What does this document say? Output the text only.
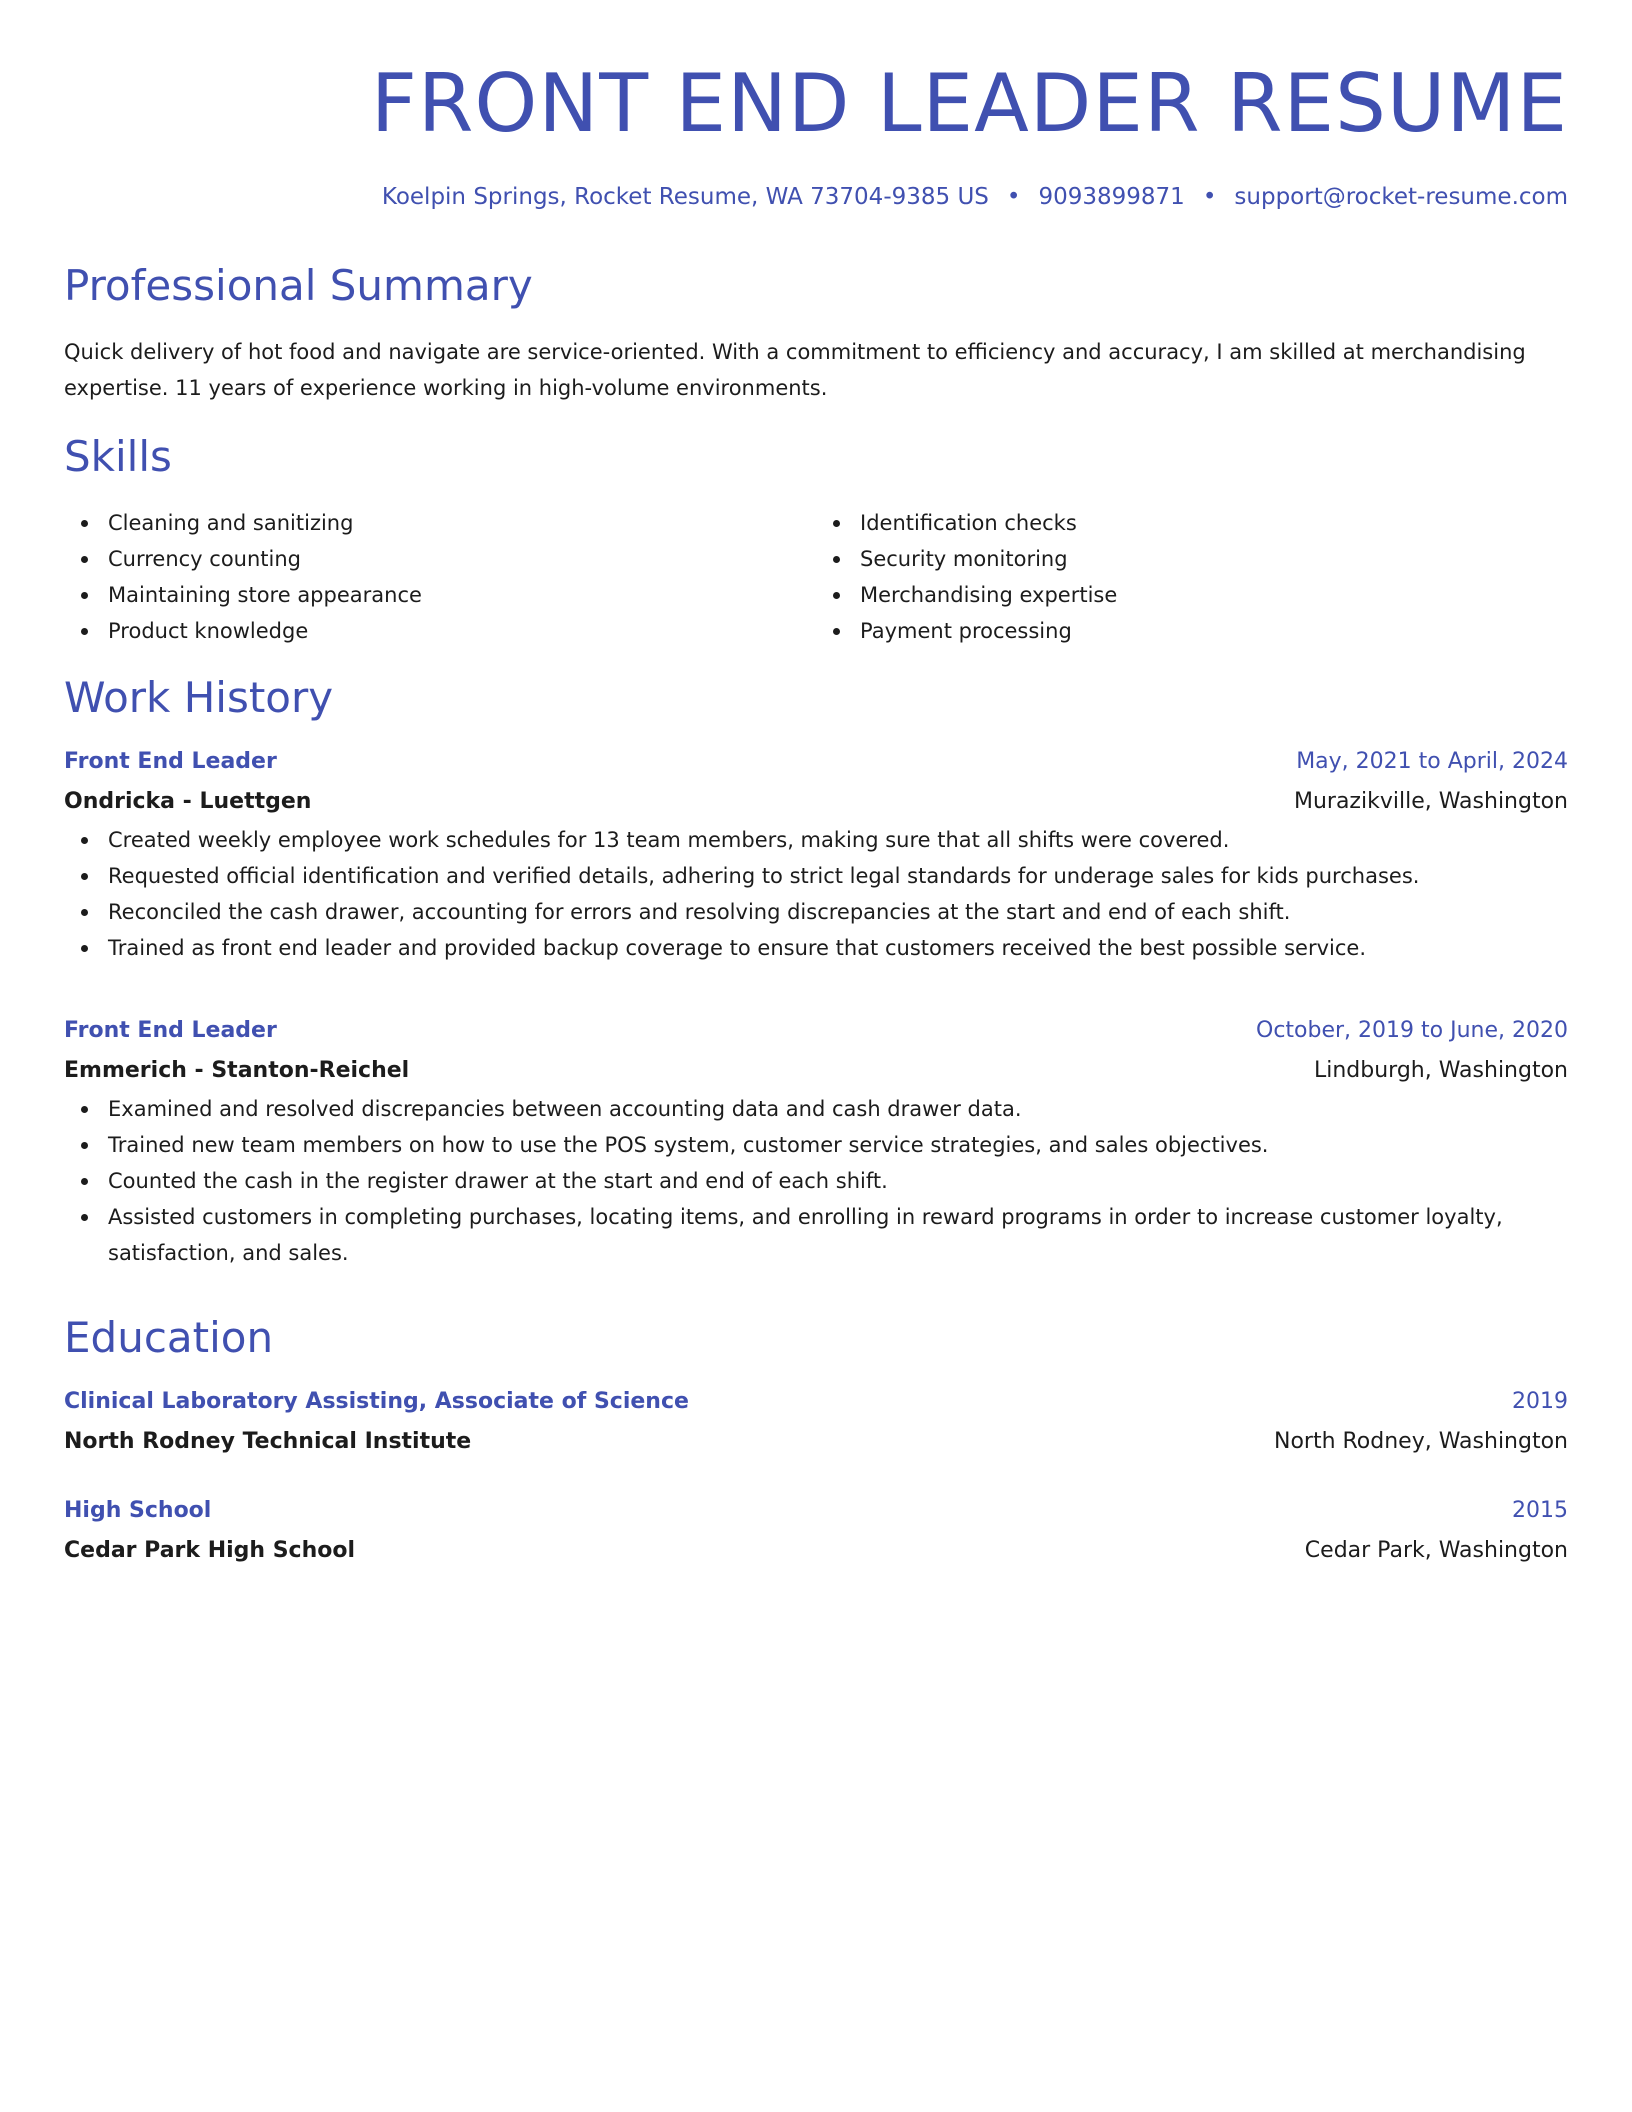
FRONT END LEADER RESUME
Koelpin Springs, Rocket Resume, WA 73704-9385 US • 9093899871 • support@rocket-resume.com
Professional Summary

Quick delivery of hot food and navigate are service-oriented. With a commitment to efficiency and accuracy, I am skilled at merchandising expertise. 11 years of experience working in high-volume environments.

Skills
Cleaning and sanitizing
Currency counting
Maintaining store appearance
Product knowledge
Identification checks
Security monitoring
Merchandising expertise
Payment processing
Work History
Front End Leader	May, 2021 to April, 2024
Ondricka - Luettgen	Murazikville, Washington
Created weekly employee work schedules for 13 team members, making sure that all shifts were covered.
Requested official identification and verified details, adhering to strict legal standards for underage sales for kids purchases.
Reconciled the cash drawer, accounting for errors and resolving discrepancies at the start and end of each shift.
Trained as front end leader and provided backup coverage to ensure that customers received the best possible service.
Front End Leader	October, 2019 to June, 2020
Emmerich - Stanton-Reichel	Lindburgh, Washington
Examined and resolved discrepancies between accounting data and cash drawer data.
Trained new team members on how to use the POS system, customer service strategies, and sales objectives.
Counted the cash in the register drawer at the start and end of each shift.
Assisted customers in completing purchases, locating items, and enrolling in reward programs in order to increase customer loyalty, satisfaction, and sales.
Education
Clinical Laboratory Assisting, Associate of Science	2019
North Rodney Technical Institute	North Rodney, Washington
High School	2015
Cedar Park High School	Cedar Park, Washington
